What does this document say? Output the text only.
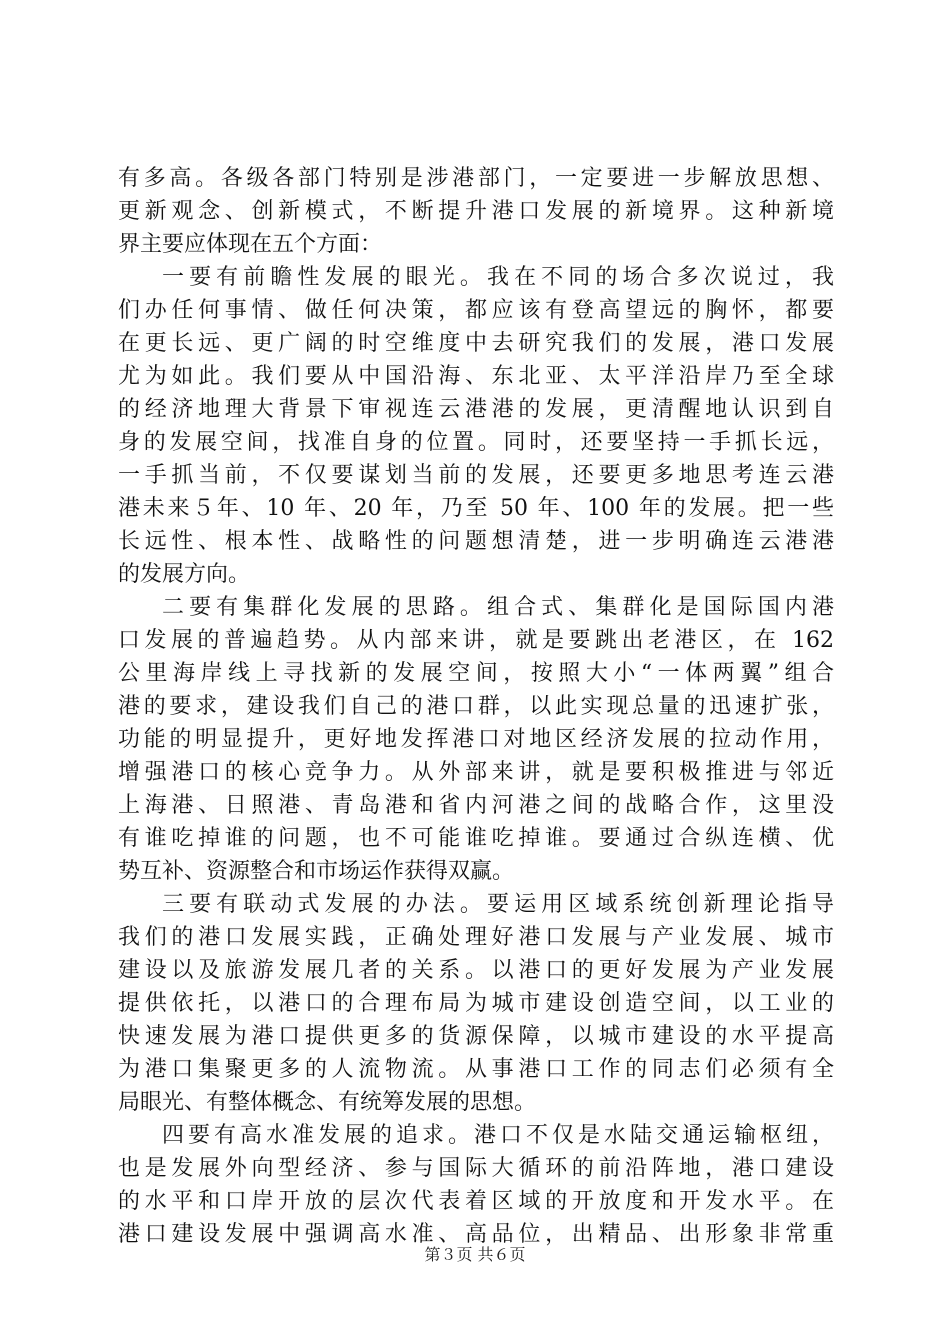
有多高。各级各部门特别是涉港部门，一定要进一步解放思想、
更新观念、创新模式，不断提升港口发展的新境界。这种新境
界主要应体现在五个方面：
一要有前瞻性发展的眼光。我在不同的场合多次说过，我
们办任何事情、做任何决策，都应该有登高望远的胸怀，都要
在更长远、更广阔的时空维度中去研究我们的发展，港口发展
尤为如此。我们要从中国沿海、东北亚、太平洋沿岸乃至全球
的经济地理大背景下审视连云港港的发展，更清醒地认识到自
身的发展空间，找准自身的位置。同时，还要坚持一手抓长远，
一手抓当前，不仅要谋划当前的发展，还要更多地思考连云港
港未来５年、10 年、20 年，乃至 50 年、100 年的发展。把一些
长远性、根本性、战略性的问题想清楚，进一步明确连云港港
的发展方向。
二要有集群化发展的思路。组合式、集群化是国际国内港
口发展的普遍趋势。从内部来讲，就是要跳出老港区，在 162
公里海岸线上寻找新的发展空间，按照大小“一体两翼”组合
港的要求，建设我们自己的港口群，以此实现总量的迅速扩张，
功能的明显提升，更好地发挥港口对地区经济发展的拉动作用，
增强港口的核心竞争力。从外部来讲，就是要积极推进与邻近
上海港、日照港、青岛港和省内河港之间的战略合作，这里没
有谁吃掉谁的问题，也不可能谁吃掉谁。要通过合纵连横、优
势互补、资源整合和市场运作获得双赢。
三要有联动式发展的办法。要运用区域系统创新理论指导
我们的港口发展实践，正确处理好港口发展与产业发展、城市
建设以及旅游发展几者的关系。以港口的更好发展为产业发展
提供依托，以港口的合理布局为城市建设创造空间，以工业的
快速发展为港口提供更多的货源保障，以城市建设的水平提高
为港口集聚更多的人流物流。从事港口工作的同志们必须有全
局眼光、有整体概念、有统筹发展的思想。
四要有高水准发展的追求。港口不仅是水陆交通运输枢纽，
也是发展外向型经济、参与国际大循环的前沿阵地，港口建设
的水平和口岸开放的层次代表着区域的开放度和开发水平。在
港口建设发展中强调高水准、高品位，出精品、出形象非常重
第３页 共６页
